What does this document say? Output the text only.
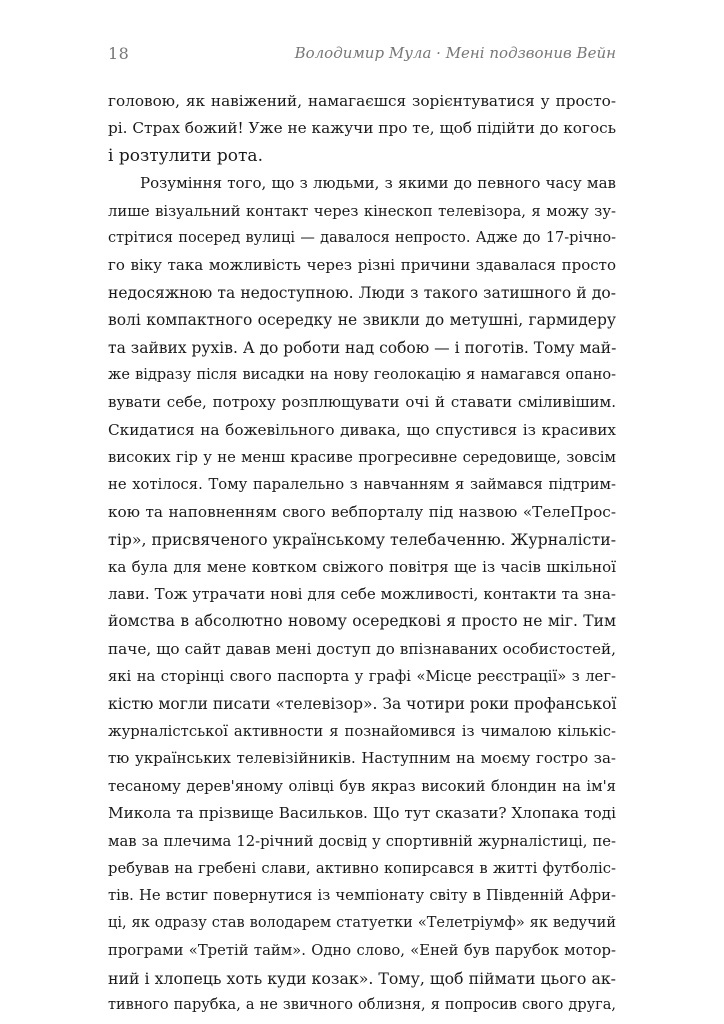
18	Володимир Мула · Мені подзвонив Вейн
головою, як навіжений, намагаєшся зорієнтуватися у просто-
рі. Страх божий! Уже не кажучи про те, щоб підійти до когось
і розтулити рота.
Розуміння того, що з людьми, з якими до певного часу мав
лише візуальний контакт через кінескоп телевізора, я можу зу-
стрітися посеред вулиці — давалося непросто. Адже до 17-річно-
го віку така можливість через різні причини здавалася просто
недосяжною та недоступною. Люди з такого затишного й до-
волі компактного осередку не звикли до метушні, гармидеру
та зайвих рухів. А до роботи над собою — і поготів. Тому май-
же відразу після висадки на нову геолокацію я намагався опано-
вувати себе, потроху розплющувати очі й ставати сміливішим.
Скидатися на божевільного дивака, що спустився із красивих
високих гір у не менш красиве прогресивне середовище, зовсім
не хотілося. Тому паралельно з навчанням я займався підтрим-
кою та наповненням свого вебпорталу під назвою «ТелеПрос-
тір», присвяченого українському телебаченню. Журналісти-
ка була для мене ковтком свіжого повітря ще із часів шкільної
лави. Тож утрачати нові для себе можливості, контакти та зна-
йомства в абсолютно новому осередкові я просто не міг. Тим
паче, що сайт давав мені доступ до впізнаваних особистостей,
які на сторінці свого паспорта у графі «Місце реєстрації» з лег-
кістю могли писати «телевізор». За чотири роки профанської
журналістської активности я познайомився із чималою кількіс-
тю українських телевізійників. Наступним на моєму гостро за-
тесаному дерев'яному олівці був якраз високий блондин на ім'я
Микола та прізвище Васильков. Що тут сказати? Хлопака тоді
мав за плечима 12-річний досвід у спортивній журналістиці, пе-
ребував на гребені слави, активно копирсався в житті футболіс-
тів. Не встиг повернутися із чемпіонату світу в Південній Афри-
ці, як одразу став володарем статуетки «Телетріумф» як ведучий
програми «Третій тайм». Одно слово, «Еней був парубок мотор-
ний і хлопець хоть куди козак». Тому, щоб піймати цього ак-
тивного парубка, а не звичного облизня, я попросив свого друга,
